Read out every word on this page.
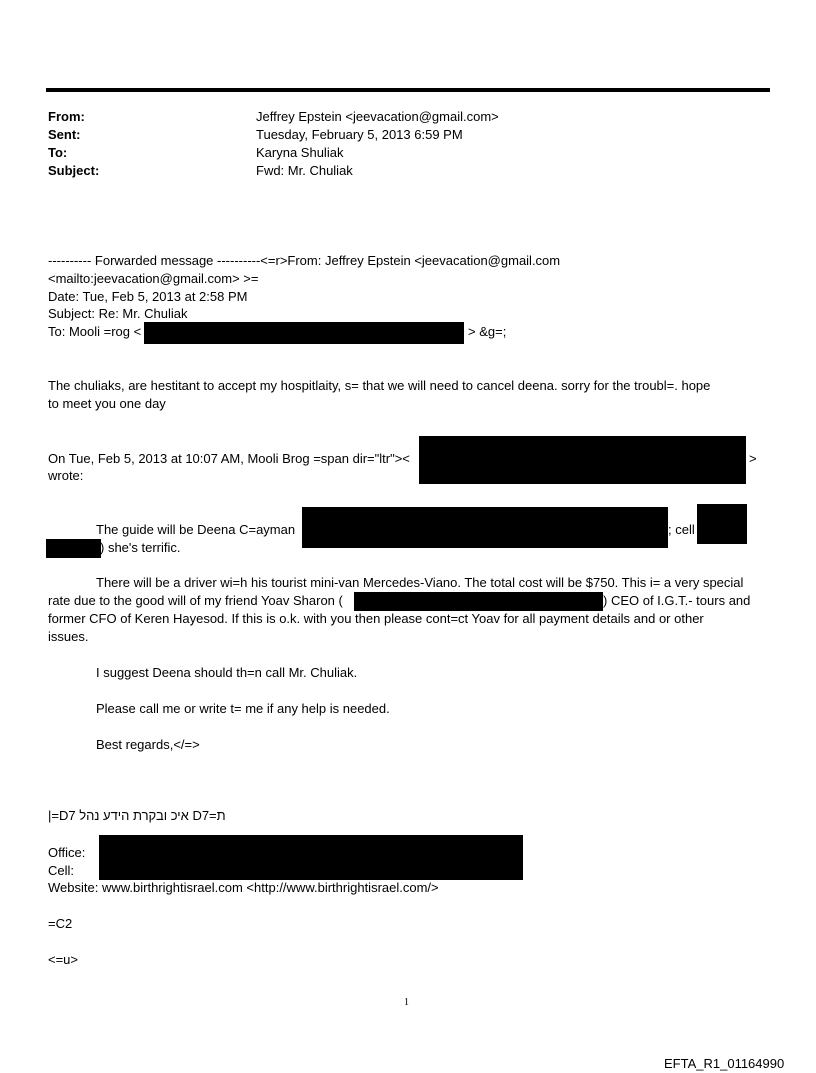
From:	Jeffrey Epstein <jeevacation@gmail.com>
Sent:	Tuesday, February 5, 2013 6:59 PM
To:	Karyna Shuliak
Subject:	Fwd: Mr. Chuliak
---------- Forwarded message ----------<=r>From: Jeffrey Epstein <jeevacation@gmail.com
<mailto:jeevacation@gmail.com> >=
Date: Tue, Feb 5, 2013 at 2:58 PM
Subject: Re: Mr. Chuliak
To: Mooli =rog <	> &g=;
The chuliaks, are hestitant to accept my hospitlaity, s= that we will need to cancel deena. sorry for the troubl=. hope
to meet you one day
On Tue, Feb 5, 2013 at 10:07 AM, Mooli Brog =span dir="ltr"><	>
wrote:
The guide will be Deena C=ayman	; cell
) she's terrific.
There will be a driver wi=h his tourist mini-van Mercedes-Viano. The total cost will be $750. This i= a very special
rate due to the good will of my friend Yoav Sharon (	) CEO of I.G.T.- tours and
former CFO of Keren Hayesod. If this is o.k. with you then please cont=ct Yoav for all payment details and or other
issues.
I suggest Deena should th=n call Mr. Chuliak.
Please call me or write t= me if any help is needed.
Best regards,</=>
|=D7 איכ ובקרת הידע נהל D7=ת
Office:
Cell:
Website: www.birthrightisrael.com <http://www.birthrightisrael.com/>
=C2
<=u>
1
EFTA_R1_01164990
